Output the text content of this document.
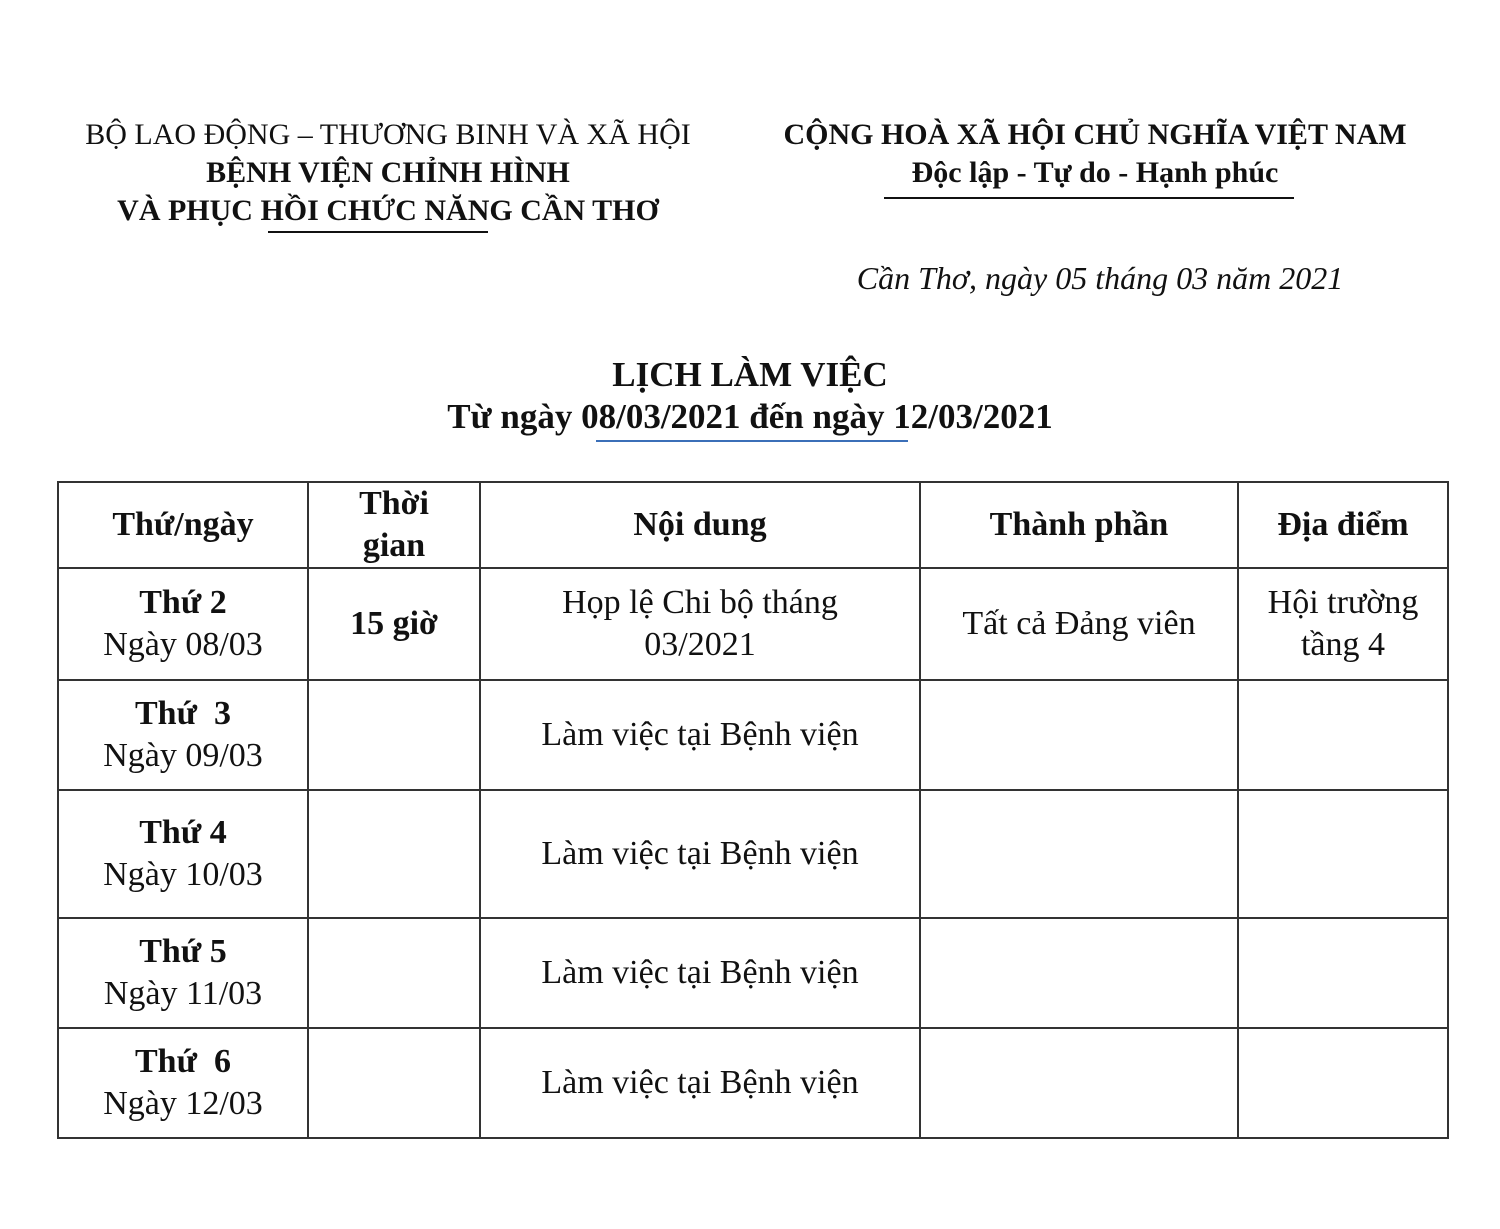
BỘ LAO ĐỘNG – THƯƠNG BINH VÀ XÃ HỘI
BỆNH VIỆN CHỈNH HÌNH
VÀ PHỤC HỒI CHỨC NĂNG CẦN THƠ
CỘNG HOÀ XÃ HỘI CHỦ NGHĨA VIỆT NAM
Độc lập - Tự do - Hạnh phúc
Cần Thơ, ngày 05 tháng 03 năm 2021
LỊCH LÀM VIỆC
Từ ngày 08/03/2021 đến ngày 12/03/2021
Thứ/ngày	Thời gian	Nội dung	Thành phần	Địa điểm

Thứ 2
Ngày 08/03	15 giờ	Họp lệ Chi bộ tháng 03/2021	Tất cả Đảng viên	Hội trường tầng 4

Thứ  3
Ngày 09/03		Làm việc tại Bệnh viện		

Thứ 4
Ngày 10/03		Làm việc tại Bệnh viện		

Thứ 5
Ngày 11/03		Làm việc tại Bệnh viện		

Thứ  6
Ngày 12/03		Làm việc tại Bệnh viện		
